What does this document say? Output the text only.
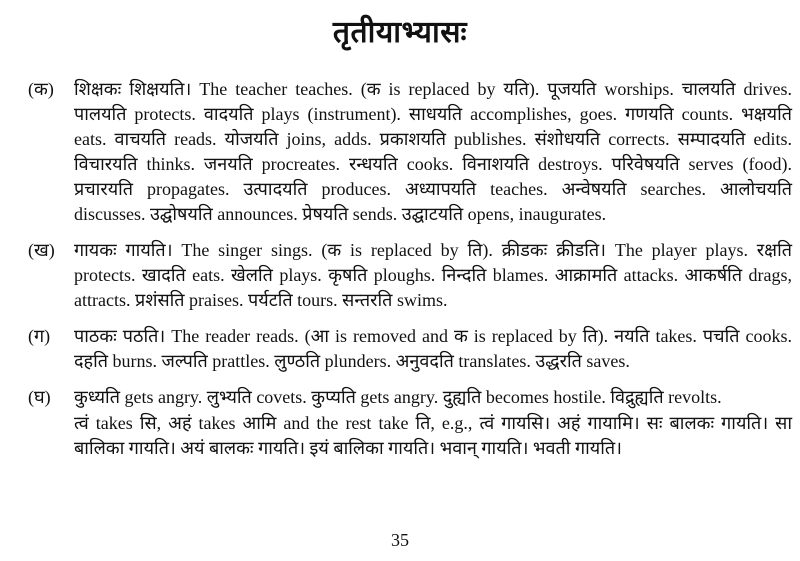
तृतीयाभ्यासः
(क)	शिक्षकः शिक्षयति। The teacher teaches. (क is replaced by यति). पूजयति worships. चालयति drives. पालयति protects. वादयति plays (instrument). साधयति accomplishes, goes. गणयति counts. भक्षयति eats. वाचयति reads. योजयति joins, adds. प्रकाशयति publishes. संशोधयति corrects. सम्पादयति edits. विचारयति thinks. जनयति procreates. रन्धयति cooks. विनाशयति destroys. परिवेषयति serves (food). प्रचारयति propagates. उत्पादयति produces. अध्यापयति teaches. अन्वेषयति searches. आलोचयति discusses. उद्घोषयति announces. प्रेषयति sends. उद्घाटयति opens, inaugurates.
(ख)	गायकः गायति। The singer sings. (क is replaced by ति). क्रीडकः क्रीडति। The player plays. रक्षति protects. खादति eats. खेलति plays. कृषति ploughs. निन्दति blames. आक्रामति attacks. आकर्षति drags, attracts. प्रशंसति praises. पर्यटति tours. सन्तरति swims.
(ग)	पाठकः पठति। The reader reads. (आ is removed and क is replaced by ति). नयति takes. पचति cooks. दहति burns. जल्पति prattles. लुण्ठति plunders. अनुवदति translates. उद्धरति saves.
(घ)	कुध्यति gets angry. लुभ्यति covets. कुप्यति gets angry. दुह्यति becomes hostile. विद्रुह्यति revolts.
त्वं takes सि, अहं takes आमि and the rest take ति, e.g., त्वं गायसि। अहं गायामि। सः बालकः गायति। सा बालिका गायति। अयं बालकः गायति। इयं बालिका गायति। भवान् गायति। भवती गायति।
35
